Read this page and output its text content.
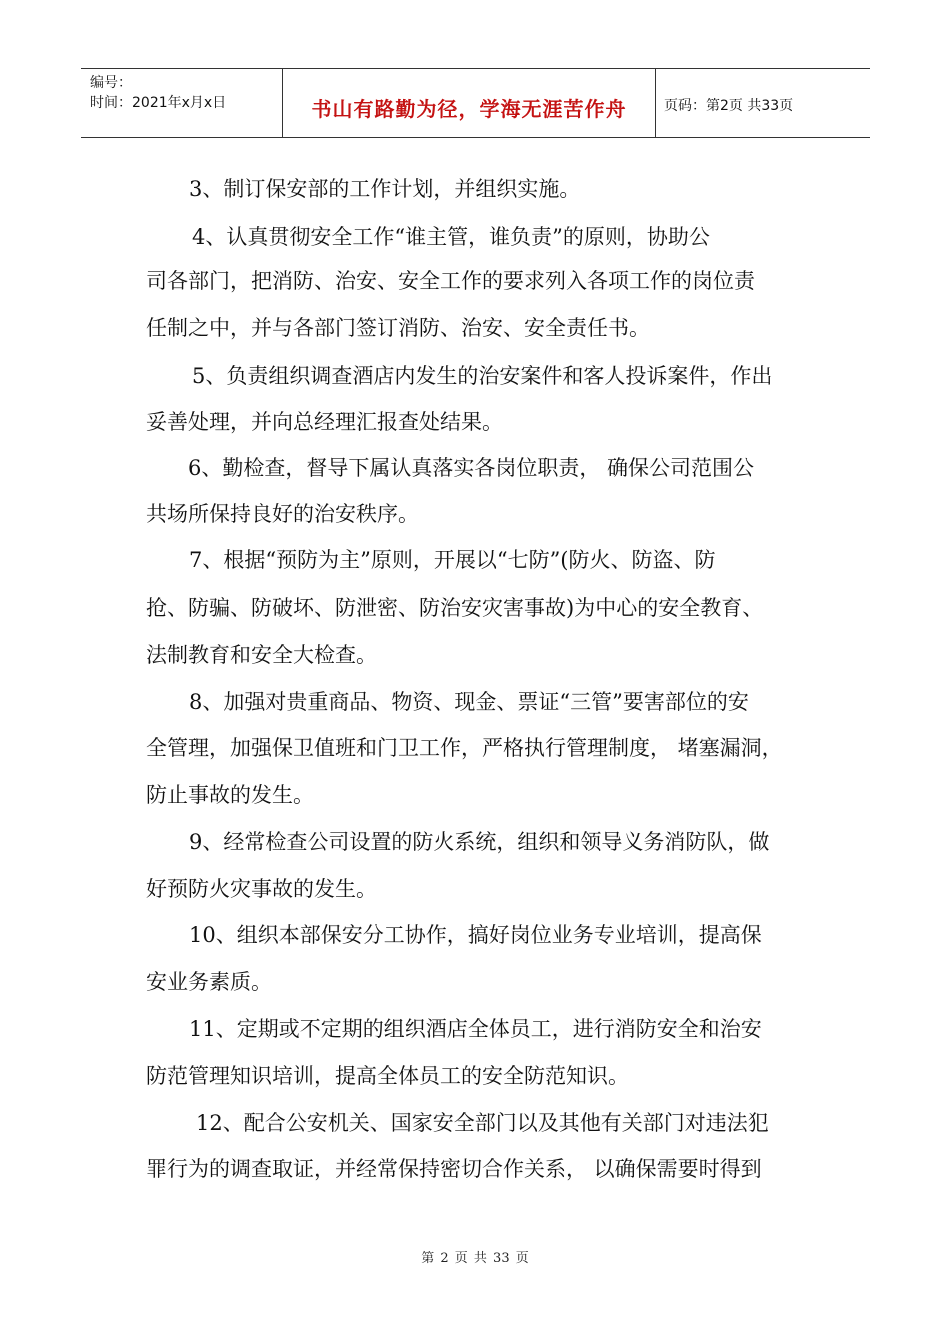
编号：
时间：2021年x月x日	书山有路勤为径，学海无涯苦作舟	页码：第2页 共33页
3、制订保安部的工作计划，并组织实施。
4、认真贯彻安全工作“谁主管，谁负责”的原则，协助公
司各部门，把消防、治安、安全工作的要求列入各项工作的岗位责
任制之中，并与各部门签订消防、治安、安全责任书。
5、负责组织调查酒店内发生的治安案件和客人投诉案件，作出
妥善处理，并向总经理汇报查处结果。
6、勤检查，督导下属认真落实各岗位职责， 确保公司范围公
共场所保持良好的治安秩序。
7、根据“预防为主”原则，开展以“七防”(防火、防盗、防
抢、防骗、防破坏、防泄密、防治安灾害事故)为中心的安全教育、
法制教育和安全大检查。
8、加强对贵重商品、物资、现金、票证“三管”要害部位的安
全管理，加强保卫值班和门卫工作，严格执行管理制度， 堵塞漏洞，
防止事故的发生。
9、经常检查公司设置的防火系统，组织和领导义务消防队，做
好预防火灾事故的发生。
10、组织本部保安分工协作，搞好岗位业务专业培训，提高保
安业务素质。
11、定期或不定期的组织酒店全体员工，进行消防安全和治安
防范管理知识培训，提高全体员工的安全防范知识。
12、配合公安机关、国家安全部门以及其他有关部门对违法犯
罪行为的调查取证，并经常保持密切合作关系， 以确保需要时得到
第 2 页 共 33 页
